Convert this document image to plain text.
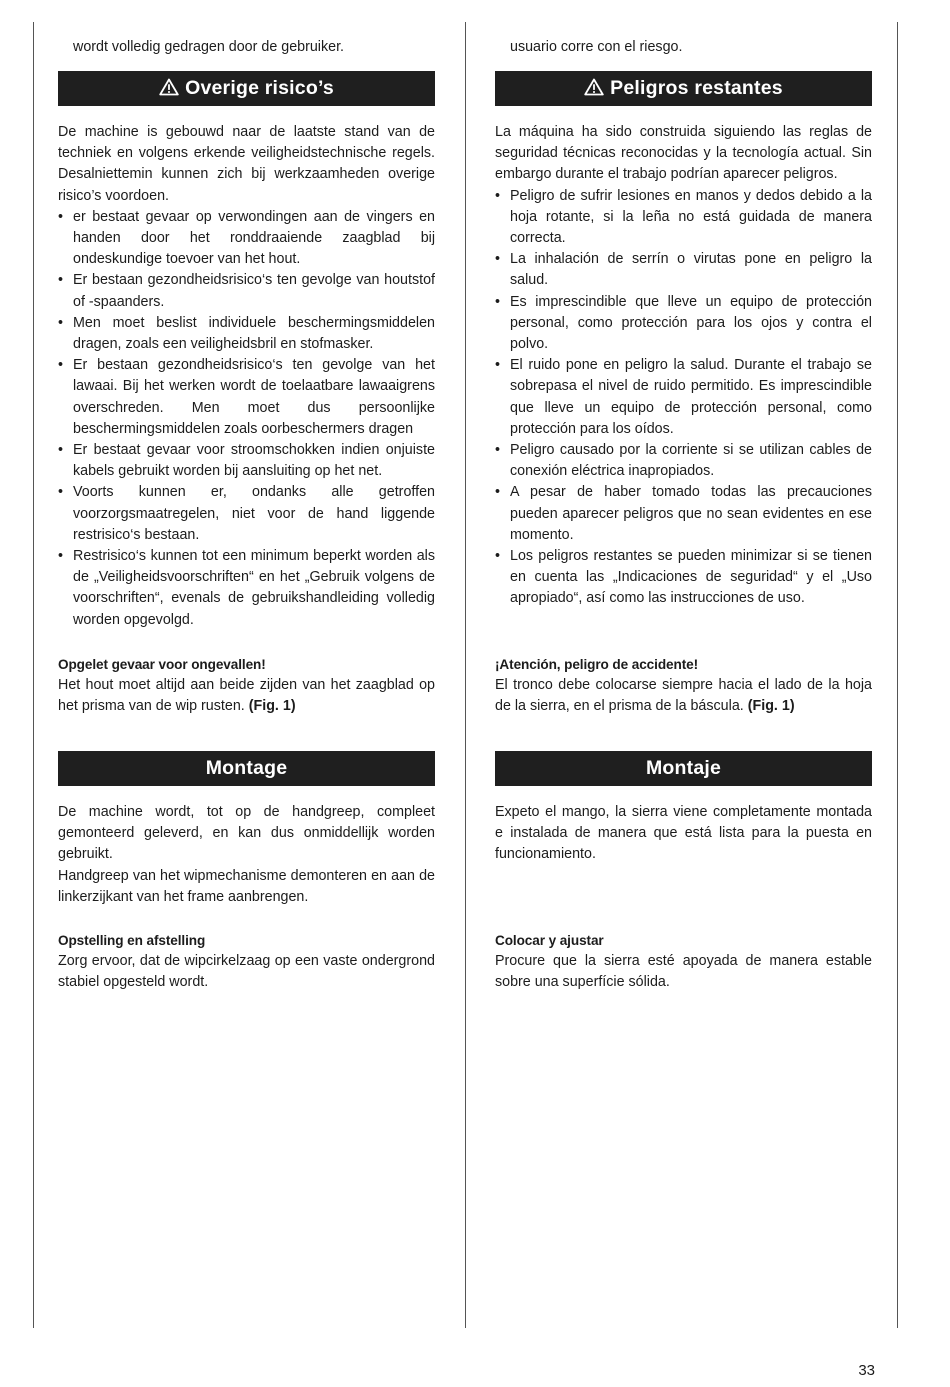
wordt volledig gedragen door de gebruiker.

Overige risico’s

De machine is gebouwd naar de laatste stand van de techniek en volgens erkende veiligheidstechnische regels. Desalniettemin kunnen zich bij werkzaamheden overige risico’s voordoen.

• er bestaat gevaar op verwondingen aan de vingers en handen door het ronddraaiende zaagblad bij ondeskundige toevoer van het hout.
• Er bestaan gezondheidsrisico‘s ten gevolge van houtstof of -spaanders.
• Men moet beslist individuele beschermingsmiddelen dragen, zoals een veiligheidsbril en stofmasker.
• Er bestaan gezondheidsrisico‘s ten gevolge van het lawaai. Bij het werken wordt de toelaatbare lawaaigrens overschreden. Men moet dus persoonlijke beschermingsmiddelen zoals oorbeschermers dragen
• Er bestaat gevaar voor stroomschokken indien onjuiste kabels gebruikt worden bij aansluiting op het net.
• Voorts kunnen er, ondanks alle getroffen voorzorgsmaatregelen, niet voor de hand liggende restrisico‘s bestaan.
• Restrisico‘s kunnen tot een minimum beperkt worden als de „Veiligheidsvoorschriften“ en het „Gebruik volgens de voorschriften“, evenals de gebruikshandleiding volledig worden opgevolgd.

Opgelet gevaar voor ongevallen!

Het hout moet altijd aan beide zijden van het zaagblad op het prisma van de wip rusten. (Fig. 1)

Montage

De machine wordt, tot op de handgreep, compleet gemonteerd geleverd, en kan dus onmiddellijk worden gebruikt.

Handgreep van het wipmechanisme demonteren en aan de linkerzijkant van het frame aanbrengen.

Opstelling en afstelling

Zorg ervoor, dat de wipcirkelzaag op een vaste ondergrond stabiel opgesteld wordt.

usuario corre con el riesgo.

Peligros restantes

La máquina ha sido construida siguiendo las reglas de seguridad técnicas reconocidas y la tecnología actual. Sin embargo durante el trabajo podrían aparecer peligros.

• Peligro de sufrir lesiones en manos y dedos debido a la hoja rotante, si la leña no está guidada de manera correcta.
• La inhalación de serrín o virutas pone en peligro la salud.
• Es imprescindible que lleve un equipo de protección personal, como protección para los ojos y contra el polvo.
• El ruido pone en peligro la salud. Durante el trabajo se sobrepasa el nivel de ruido permitido. Es imprescindible que lleve un equipo de protección personal, como protección para los oídos.
• Peligro causado por la corriente si se utilizan cables de conexión eléctrica inapropiados.
• A pesar de haber tomado todas las precauciones pueden aparecer peligros que no sean evidentes en ese momento.
• Los peligros restantes se pueden minimizar si se tienen en cuenta las „Indicaciones de seguridad“ y el „Uso apropiado“, así como las instrucciones de uso.

¡Atención, peligro de accidente!

El tronco debe colocarse siempre hacia el lado de la hoja de la sierra, en el prisma de la báscula. (Fig. 1)

Montaje

Expeto el mango, la sierra viene completamente montada e instalada de manera que está lista para la puesta en funcionamiento.

Colocar y ajustar

Procure que la sierra esté apoyada de manera estable sobre una superfície sólida.

33
